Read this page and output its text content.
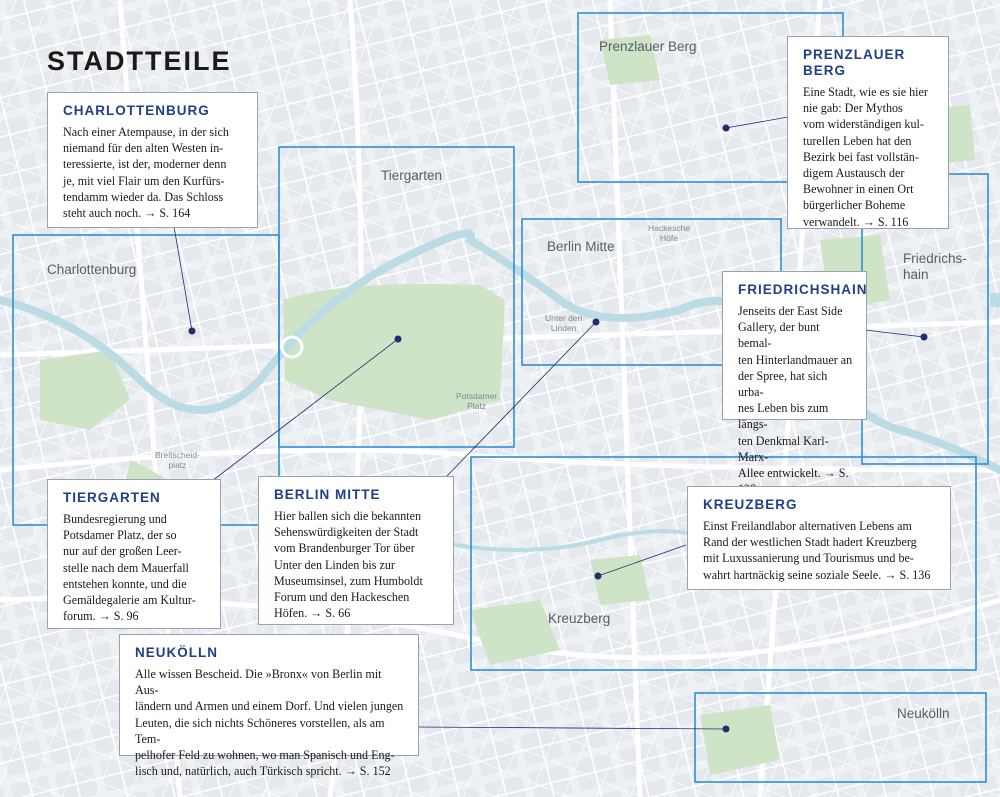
STADTTEILE	Prenzlauer Berg
Tiergarten
Charlottenburg
Berlin Mitte
Friedrichs-
hain
Kreuzberg
Neukölln
Hackesche
Höfe
Unter den
Linden
Potsdamer
Platz
Breitscheid-
platz
CHARLOTTENBURG

Nach einer Atempause, in der sich
niemand für den alten Westen in-
teressierte, ist der, moderner denn
je, mit viel Flair um den Kurfürs-
tendamm wieder da. Das Schloss
steht auch noch. → S. 164

PRENZLAUER
BERG

Eine Stadt, wie es sie hier
nie gab: Der Mythos
vom widerständigen kul-
turellen Leben hat den
Bezirk bei fast vollstän-
digem Austausch der
Bewohner in einen Ort
bürgerlicher Boheme
verwandelt. → S. 116

FRIEDRICHSHAIN

Jenseits der East Side
Gallery, der bunt bemal-
ten Hinterlandmauer an
der Spree, hat sich urba-
nes Leben bis zum längs-
ten Denkmal Karl-Marx-
Allee entwickelt. → S.

TIERGARTEN

Bundesregierung und
Potsdamer Platz, der so
nur auf der großen Leer-
stelle nach dem Mauerfall
entstehen konnte, und die
Gemäldegalerie am Kultur-
forum. → S. 96

BERLIN MITTE

Hier ballen sich die bekannten
Sehenswürdigkeiten der Stadt
vom Brandenburger Tor über
Unter den Linden bis zur
Museumsinsel, zum Humboldt
Forum und den Hackeschen
Höfen. → S. 66

KREUZBERG

Einst Freilandlabor alternativen Lebens am
Rand der westlichen Stadt hadert Kreuzberg
mit Luxussanierung und Tourismus und be-
wahrt hartnäckig seine soziale Seele. → S. 136

NEUKÖLLN

Alle wissen Bescheid. Die »Bronx« von Berlin mit Aus-
ländern und Armen und einem Dorf. Und vielen jungen
Leuten, die sich nichts Schöneres vorstellen, als am Tem-
pelhofer Feld zu wohnen, wo man Spanisch und Eng-
lisch und, natürlich, auch Türkisch spricht. → S. 152
